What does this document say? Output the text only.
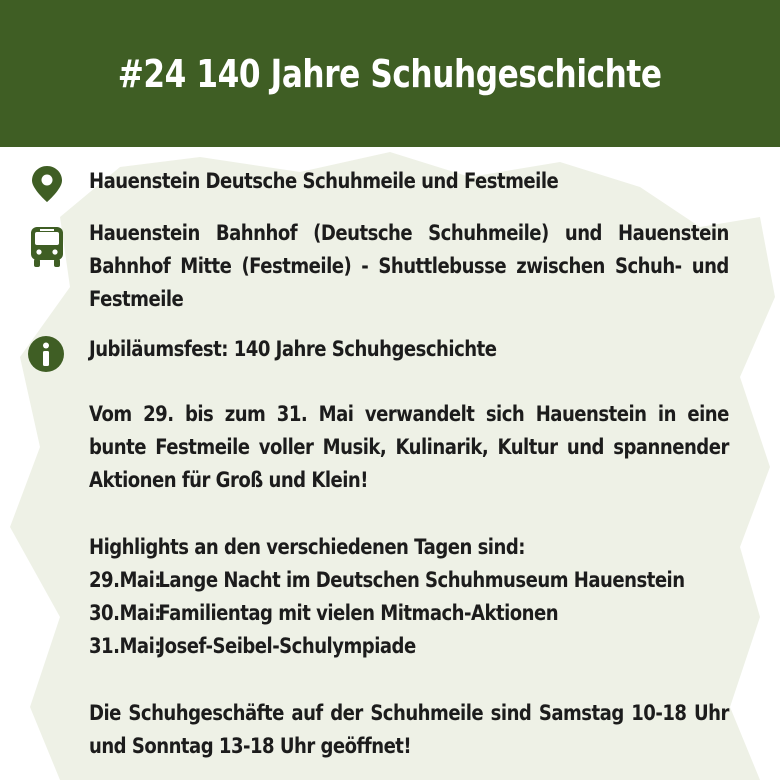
#24 140 Jahre Schuhgeschichte
Hauenstein Deutsche Schuhmeile und Festmeile
Hauenstein Bahnhof (Deutsche Schuhmeile) und Hauenstein Bahnhof Mitte (Festmeile) - Shuttlebusse zwischen Schuh- und Festmeile
Jubiläumsfest: 140 Jahre Schuhgeschichte
Vom 29. bis zum 31. Mai verwandelt sich Hauenstein in eine bunte Festmeile voller Musik, Kulinarik, Kultur und spannender Aktionen für Groß und Klein!
Highlights an den verschiedenen Tagen sind:
29.Mai: Lange Nacht im Deutschen Schuhmuseum Hauenstein
30.Mai: Familientag mit vielen Mitmach-Aktionen
31.Mai: Josef-Seibel-Schulympiade
Die Schuhgeschäfte auf der Schuhmeile sind Samstag 10-18 Uhr und Sonntag 13-18 Uhr geöffnet!
